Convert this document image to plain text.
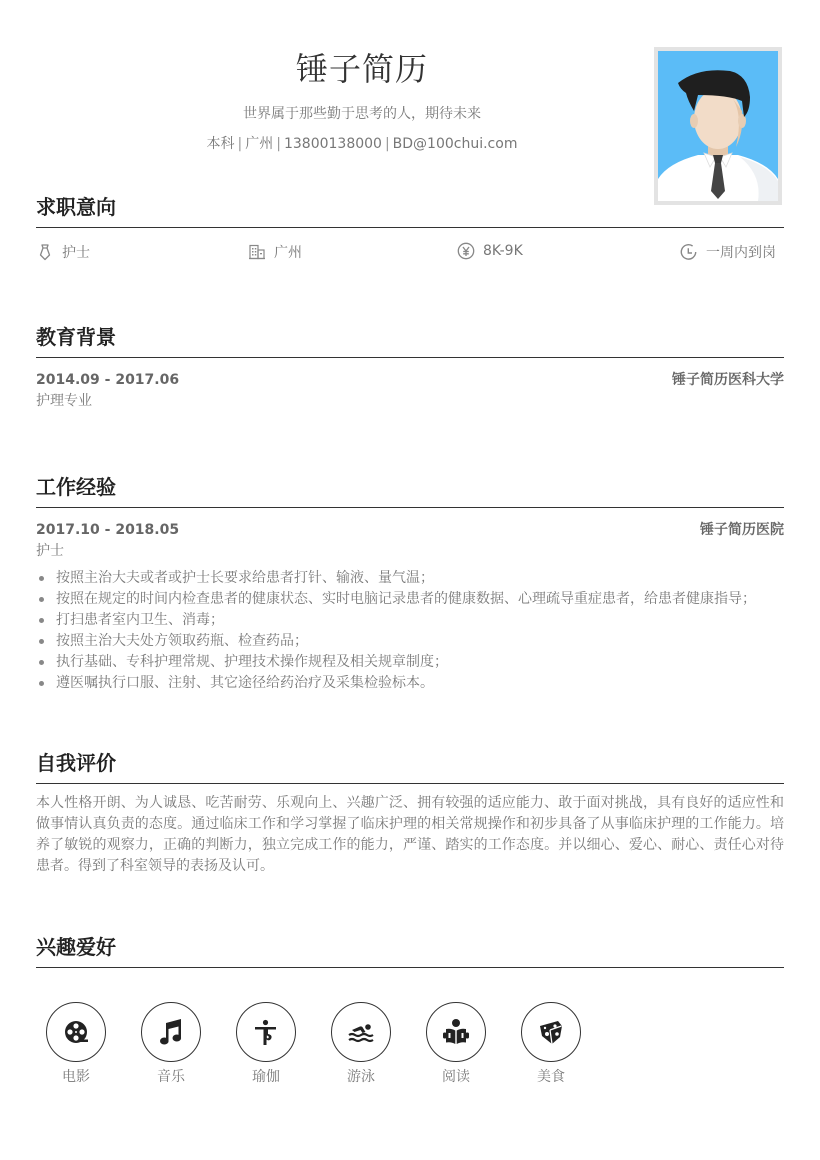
锤子简历
世界属于那些勤于思考的人，期待未来
本科 | 广州 | 13800138000 | BD@100chui.com
求职意向
护士	广州	8K-9K	一周内到岗
教育背景
2014.09 - 2017.06	锤子简历医科大学
护理专业
工作经验
2017.10 - 2018.05	锤子简历医院
护士
按照主治大夫或者或护士长要求给患者打针、输液、量气温；
按照在规定的时间内检查患者的健康状态、实时电脑记录患者的健康数据、心理疏导重症患者，给患者健康指导；
打扫患者室内卫生、消毒；
按照主治大夫处方领取药瓶、检查药品；
执行基础、专科护理常规、护理技术操作规程及相关规章制度；
遵医嘱执行口服、注射、其它途径给药治疗及采集检验标本。
自我评价
本人性格开朗、为人诚恳、吃苦耐劳、乐观向上、兴趣广泛、拥有较强的适应能力、敢于面对挑战，具有良好的适应性和做事情认真负责的态度。通过临床工作和学习掌握了临床护理的相关常规操作和初步具备了从事临床护理的工作能力。培养了敏锐的观察力，正确的判断力，独立完成工作的能力，严谨、踏实的工作态度。并以细心、爱心、耐心、责任心对待患者。得到了科室领导的表扬及认可。
兴趣爱好
电影	音乐	瑜伽	游泳	阅读	美食
